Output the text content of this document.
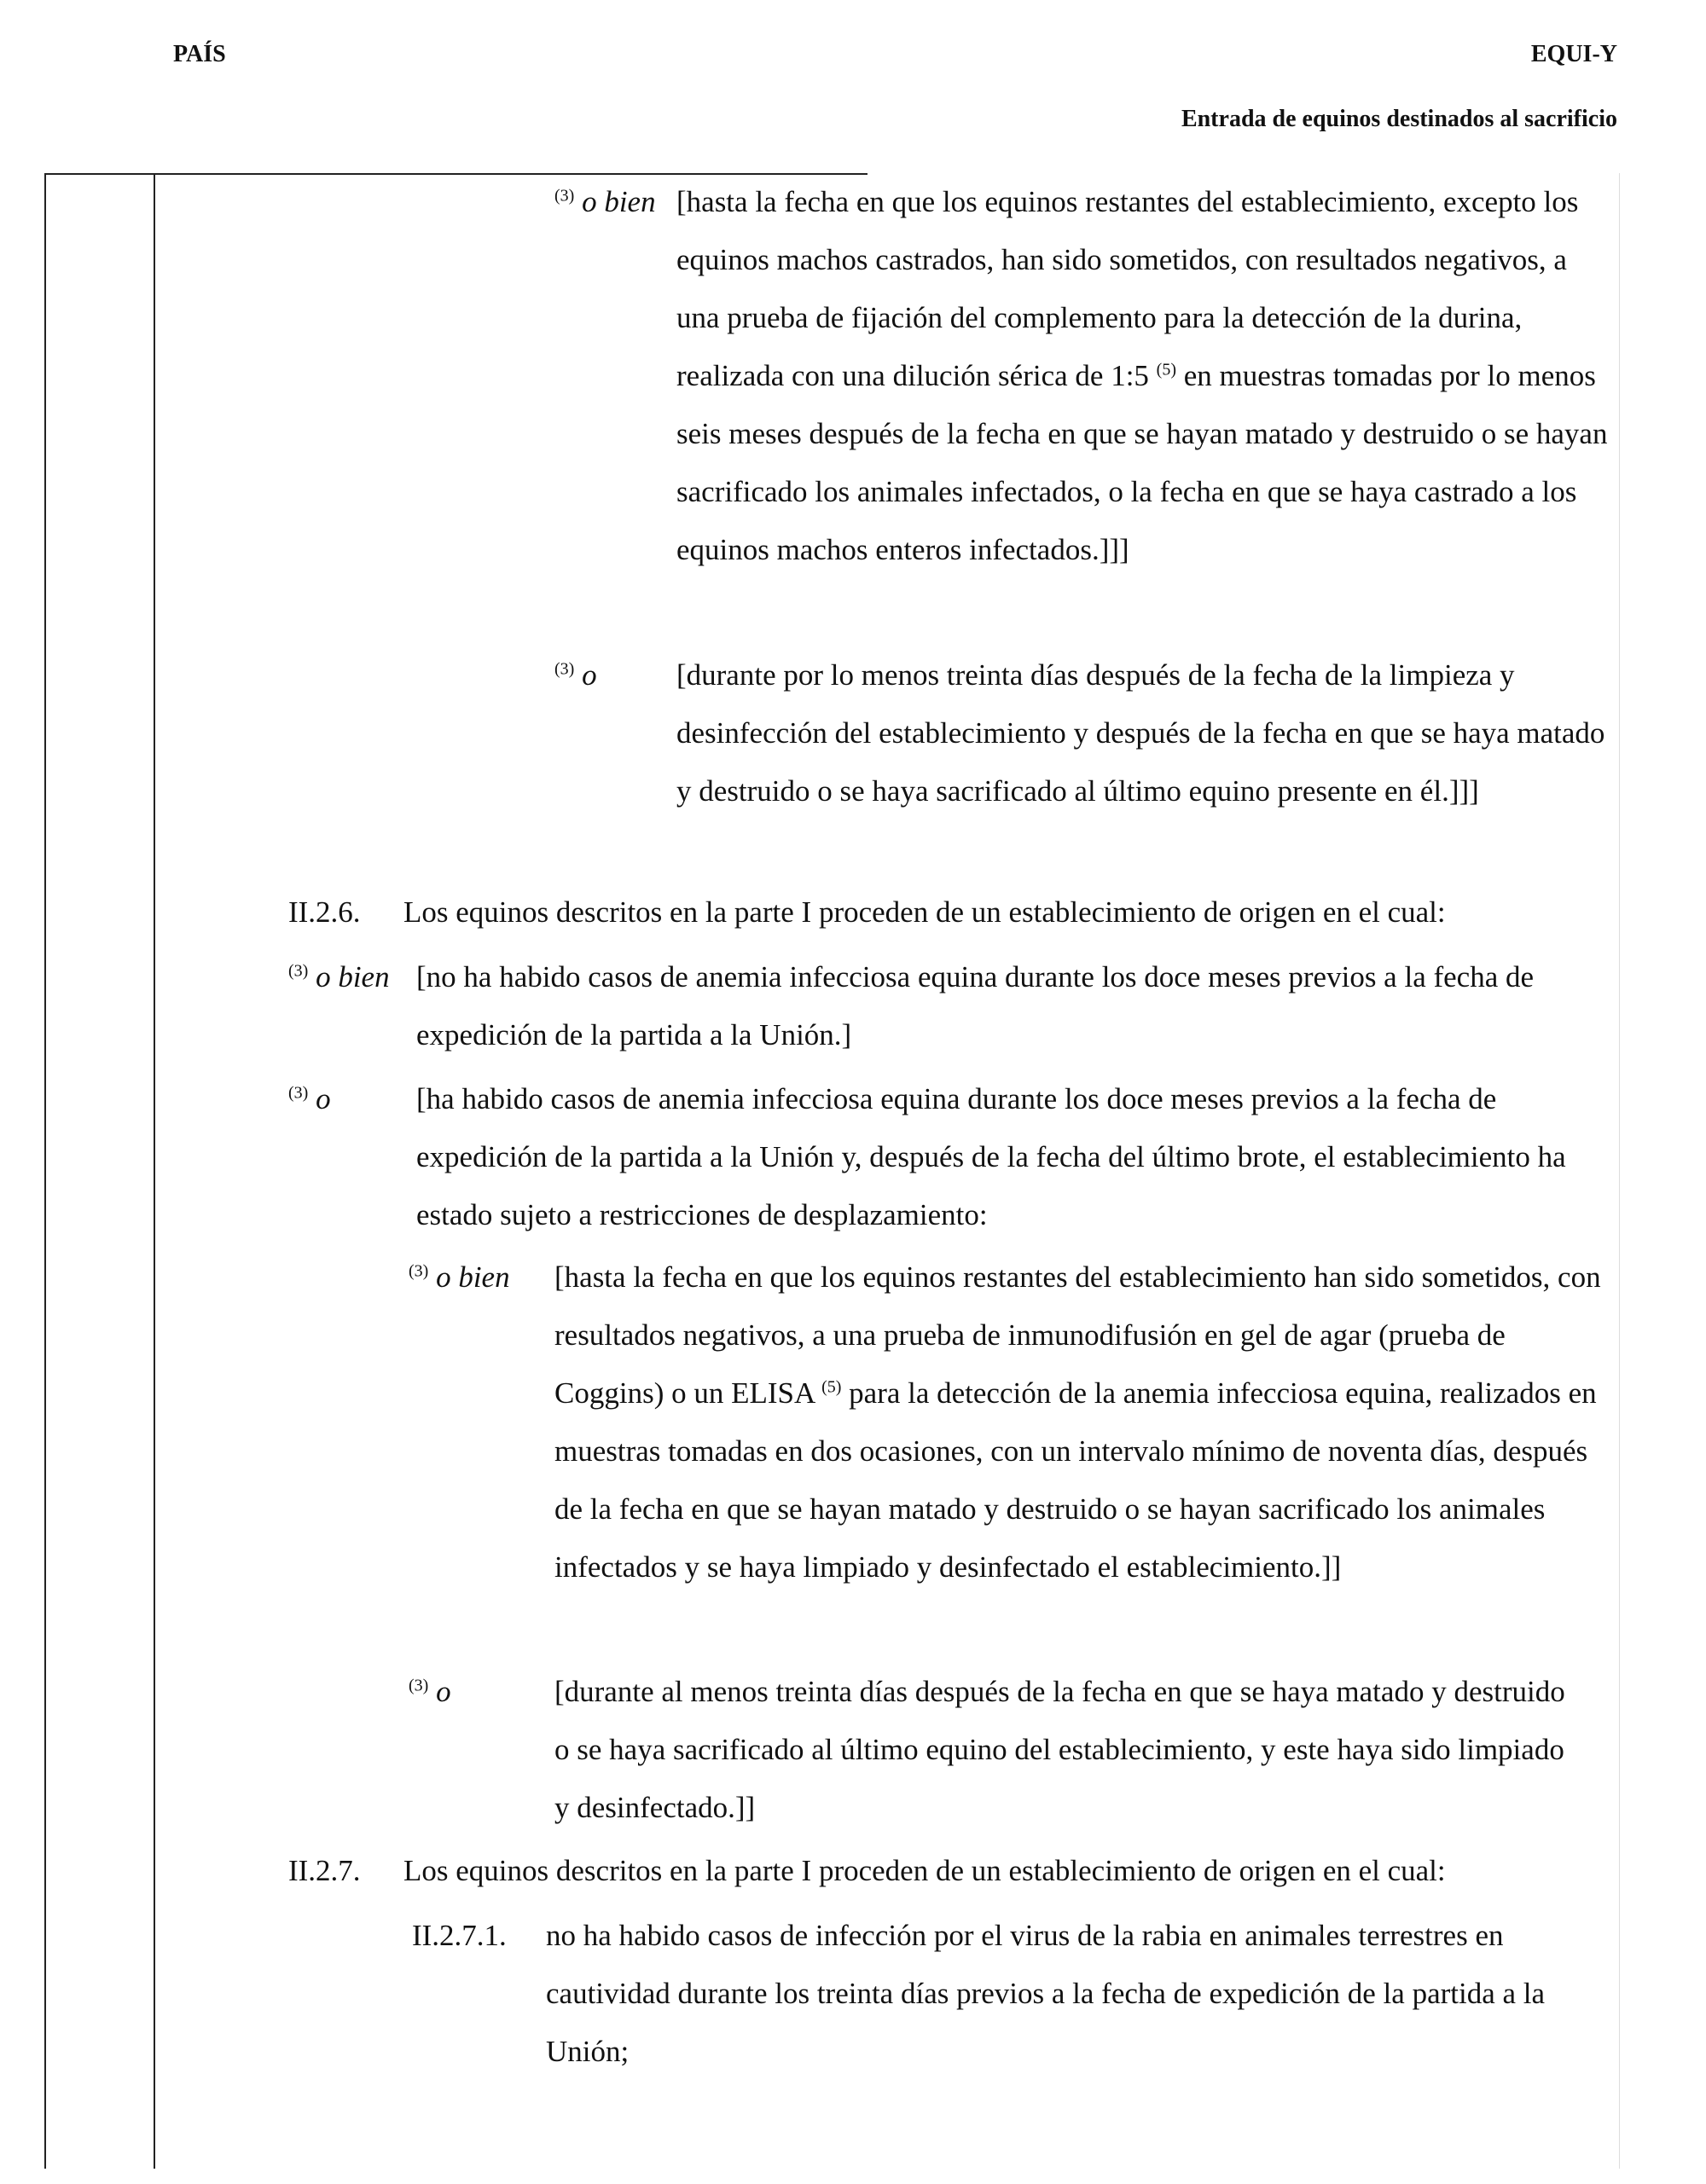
PAÍS	EQUI-Y
Entrada de equinos destinados al sacrificio
$^{(3)}$ o bien [hasta la fecha en que los equinos restantes del establecimiento, excepto los equinos machos castrados, han sido sometidos, con resultados negativos, a una prueba de fijación del complemento para la detección de la durina, realizada con una dilución sérica de 1:5 $^{(5)}$ en muestras tomadas por lo menos seis meses después de la fecha en que se hayan matado y destruido o se hayan sacrificado los animales infectados, o la fecha en que se haya castrado a los equinos machos enteros infectados.]]]
$^{(3)}$ o	[durante por lo menos treinta días después de la fecha de la limpieza y desinfección del establecimiento y después de la fecha en que se haya matado y destruido o se haya sacrificado al último equino presente en él.]]]
II.2.6. Los equinos descritos en la parte I proceden de un establecimiento de origen en el cual:
$^{(3)}$ o bien [no ha habido casos de anemia infecciosa equina durante los doce meses previos a la fecha de expedición de la partida a la Unión.]
$^{(3)}$ o	[ha habido casos de anemia infecciosa equina durante los doce meses previos a la fecha de expedición de la partida a la Unión y, después de la fecha del último brote, el establecimiento ha estado sujeto a restricciones de desplazamiento:
$^{(3)}$ o bien [hasta la fecha en que los equinos restantes del establecimiento han sido sometidos, con resultados negativos, a una prueba de inmunodifusión en gel de agar (prueba de Coggins) o un ELISA $^{(5)}$ para la detección de la anemia infecciosa equina, realizados en muestras tomadas en dos ocasiones, con un intervalo mínimo de noventa días, después de la fecha en que se hayan matado y destruido o se hayan sacrificado los animales infectados y se haya limpiado y desinfectado el establecimiento.]]
$^{(3)}$ o	[durante al menos treinta días después de la fecha en que se haya matado y destruido o se haya sacrificado al último equino del establecimiento, y este haya sido limpiado y desinfectado.]]
II.2.7. Los equinos descritos en la parte I proceden de un establecimiento de origen en el cual:
II.2.7.1. no ha habido casos de infección por el virus de la rabia en animales terrestres en cautividad durante los treinta días previos a la fecha de expedición de la partida a la Unión;
